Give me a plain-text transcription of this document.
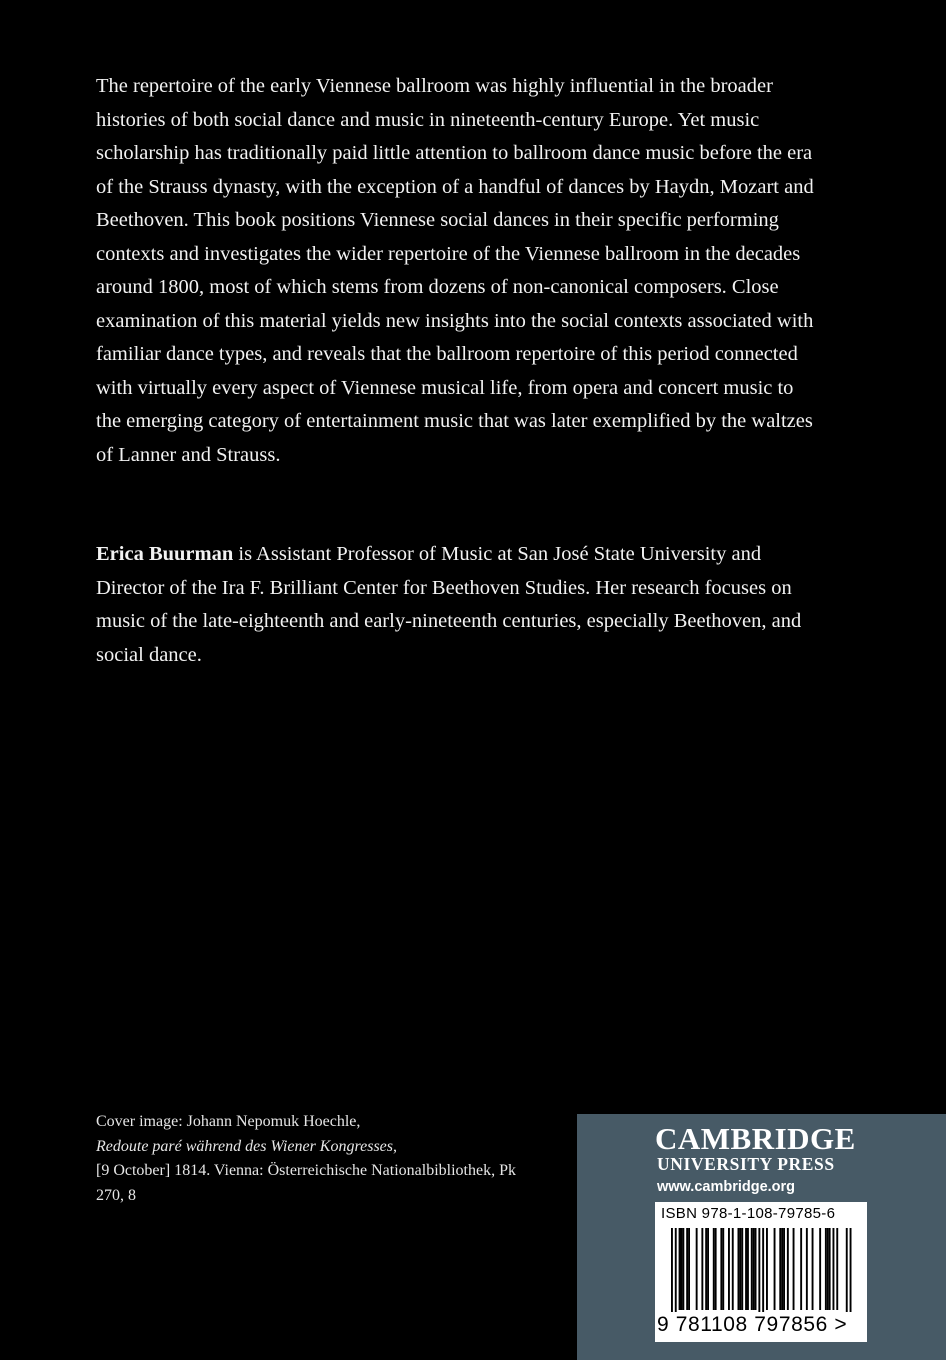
The repertoire of the early Viennese ballroom was highly influential in the broader histories of both social dance and music in nineteenth-century Europe. Yet music scholarship has traditionally paid little attention to ballroom dance music before the era of the Strauss dynasty, with the exception of a handful of dances by Haydn, Mozart and Beethoven. This book positions Viennese social dances in their specific performing contexts and investigates the wider repertoire of the Viennese ballroom in the decades around 1800, most of which stems from dozens of non-canonical composers. Close examination of this material yields new insights into the social contexts associated with familiar dance types, and reveals that the ballroom repertoire of this period connected with virtually every aspect of Viennese musical life, from opera and concert music to the emerging category of entertainment music that was later exemplified by the waltzes of Lanner and Strauss.

Erica Buurman is Assistant Professor of Music at San José State University and Director of the Ira F. Brilliant Center for Beethoven Studies. Her research focuses on music of the late-eighteenth and early-nineteenth centuries, especially Beethoven, and social dance.

Cover image: Johann Nepomuk Hoechle,
Redoute paré während des Wiener Kongresses,
[9 October] 1814. Vienna: Österreichische Nationalbibliothek, Pk 270, 8

CAMBRIDGE

UNIVERSITY PRESS

www.cambridge.org

ISBN 978-1-108-79785-6

9 781108 797856 >
